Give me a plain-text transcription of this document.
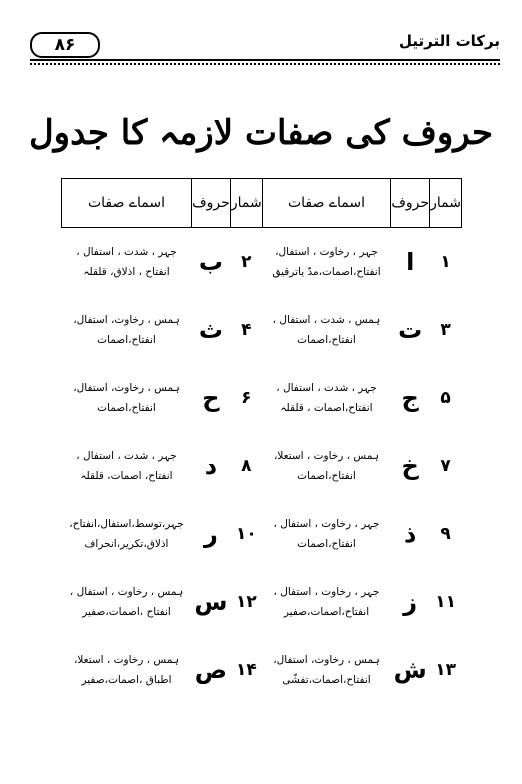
۸۶	برکات الترتیل
حروف کی صفات لازمہ کا جدول
شمار	حروف	اسماے صفات	شمار	حروف	اسماے صفات
۱	ا	جہر ، رخاوت ، استفال،
انفتاح،اصمات،مدّ یاترقیق	۲	ب	جہر ، شدت ، استفال ،
انفتاح ، اذلاق، قلقلہ

۳	ت	ہمس ، شدت ، استفال ،
انفتاح،اصمات	۴	ث	ہمس ، رخاوت، استفال،
انفتاح،اصمات

۵	ج	جہر ، شدت ، استفال ،
انفتاح،اصمات ، قلقلہ	۶	ح	ہمس ، رخاوت، استفال،
انفتاح،اصمات

۷	خ	ہمس ، رخاوت ، استعلا،
انفتاح،اصمات	۸	د	جہر ، شدت ، استفال ،
انفتاح، اصمات، قلقلہ

۹	ذ	جہر ، رخاوت ، استفال ،
انفتاح،اصمات	۱۰	ر	جہر،توسط،استفال،انفتاح،
اذلاق،تکریر،انحراف

۱۱	ز	جہر ، رخاوت ، استفال ،
انفتاح،اصمات،صفیر	۱۲	س	ہمس ، رخاوت ، استفال ،
انفتاح ،اصمات،صفیر

۱۳	ش	ہمس ، رخاوت، استفال،
انفتاح،اصمات،تفشّی	۱۴	ص	ہمس ، رخاوت ، استعلا،
اطباق ،اصمات،صفیر
